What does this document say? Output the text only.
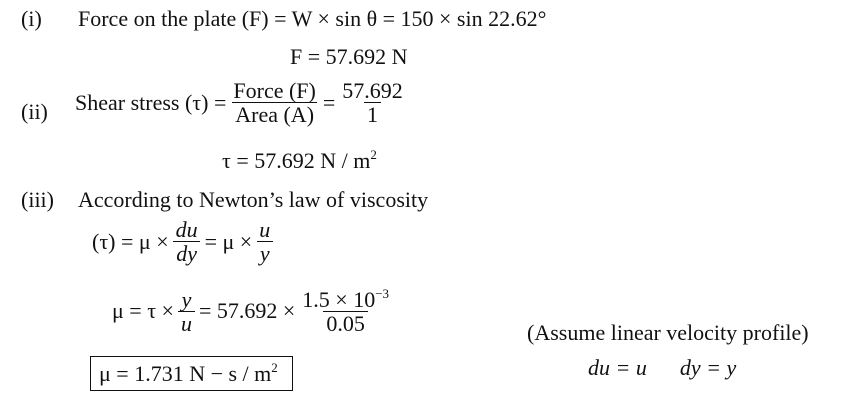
(i) Force on the plate (F) = W × sin θ = 150 × sin 22.62°
F = 57.692 N
(ii) Shear stress $(\tau) = \frac{\text{Force (F)}}{\text{Area (A)}} = \frac{57.692}{1}$
τ = 57.692 N / $m^2$
(iii) According to Newton’s law of viscosity
$(\tau) = \mu \times \frac{du}{dy} = \mu \times \frac{u}{y}$
$\mu = \tau \times \frac{y}{u} = 57.692 \times \frac{1.5 \times 10^{-3}}{0.05}$
μ = 1.731 $N - s / m^2$
(Assume linear velocity profile)
du = u dy = y
